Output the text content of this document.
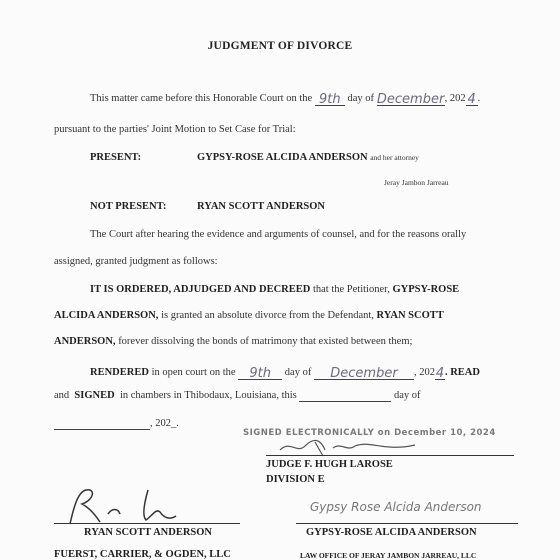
JUDGMENT OF DIVORCE
This matter came before this Honorable Court on the 9th day of December, 202 4 .
pursuant to the parties' Joint Motion to Set Case for Trial:
PRESENT:	GYPSY-ROSE ALCIDA ANDERSON and her attorney
Jeray Jambon Jarreau
NOT PRESENT:	RYAN SCOTT ANDERSON
The Court after hearing the evidence and arguments of counsel, and for the reasons orally
assigned, granted judgment as follows:
IT IS ORDERED, ADJUDGED AND DECREED that the Petitioner, GYPSY-ROSE
ALCIDA ANDERSON, is granted an absolute divorce from the Defendant, RYAN SCOTT
ANDERSON, forever dissolving the bonds of matrimony that existed between them;
RENDERED in open court on the 9th day of December , 2024. READ
and SIGNED in chambers in Thibodaux, Louisiana, this	day of
, 202_.
SIGNED ELECTRONICALLY on December 10, 2024
JUDGE F. HUGH LAROSE
DIVISION E
RYAN SCOTT ANDERSON
FUERST, CARRIER, & OGDEN, LLC
Gypsy Rose Alcida Anderson
GYPSY-ROSE ALCIDA ANDERSON
LAW OFFICE OF JERAY JAMBON JARREAU, LLC
